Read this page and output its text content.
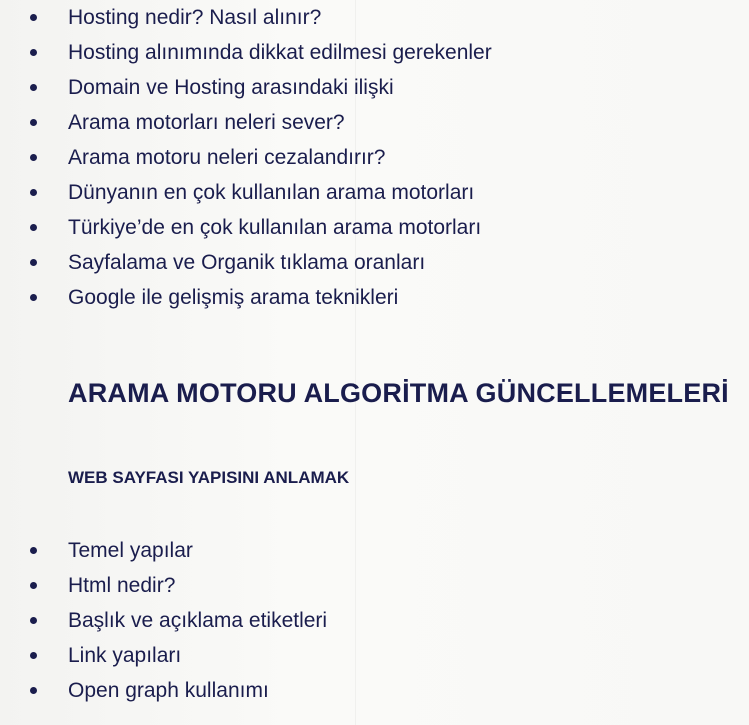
Hosting nedir? Nasıl alınır?
Hosting alınımında dikkat edilmesi gerekenler
Domain ve Hosting arasındaki ilişki
Arama motorları neleri sever?
Arama motoru neleri cezalandırır?
Dünyanın en çok kullanılan arama motorları
Türkiye’de en çok kullanılan arama motorları
Sayfalama ve Organik tıklama oranları
Google ile gelişmiş arama teknikleri
ARAMA MOTORU ALGORİTMA GÜNCELLEMELERİ
WEB SAYFASI YAPISINI ANLAMAK
Temel yapılar
Html nedir?
Başlık ve açıklama etiketleri
Link yapıları
Open graph kullanımı
